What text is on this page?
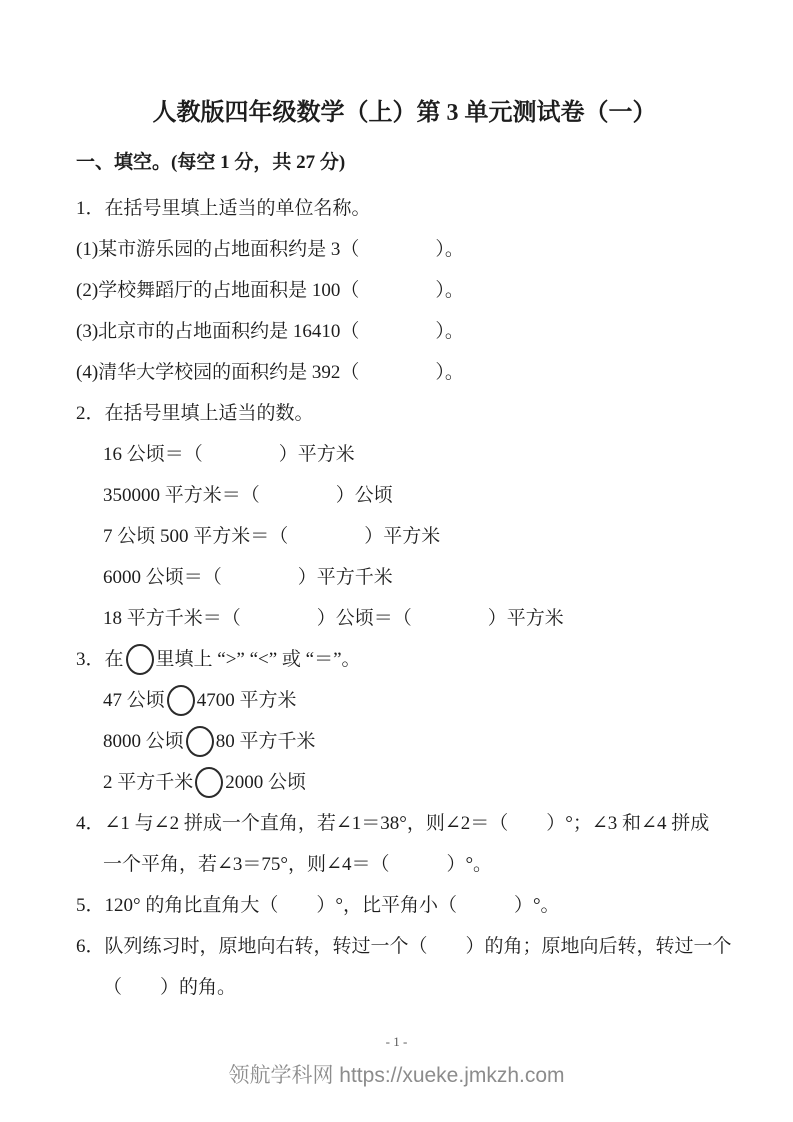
人教版四年级数学（上）第 3 单元测试卷（一）
一、填空。(每空 1 分，共 27 分)
1．在括号里填上适当的单位名称。
(1)某市游乐园的占地面积约是 3（　　　　）。
(2)学校舞蹈厅的占地面积是 100（　　　　）。
(3)北京市的占地面积约是 16410（　　　　）。
(4)清华大学校园的面积约是 392（　　　　）。
2．在括号里填上适当的数。
16 公顷＝（　　　　）平方米
350000 平方米＝（　　　　）公顷
7 公顷 500 平方米＝（　　　　）平方米
6000 公顷＝（　　　　）平方千米
18 平方千米＝（　　　　）公顷＝（　　　　）平方米
3．在 里填上 “>” “<” 或 “＝”。
47 公顷 4700 平方米
8000 公顷 80 平方千米
2 平方千米 2000 公顷
4．∠1 与∠2 拼成一个直角，若∠1＝38°，则∠2＝（　　）°；∠3 和∠4 拼成
一个平角，若∠3＝75°，则∠4＝（　　　）°。
5．120° 的角比直角大（　　）°，比平角小（　　　）°。
6．队列练习时，原地向右转，转过一个（　　）的角；原地向后转，转过一个
（　　）的角。
- 1 -
领航学科网 https://xueke.jmkzh.com
